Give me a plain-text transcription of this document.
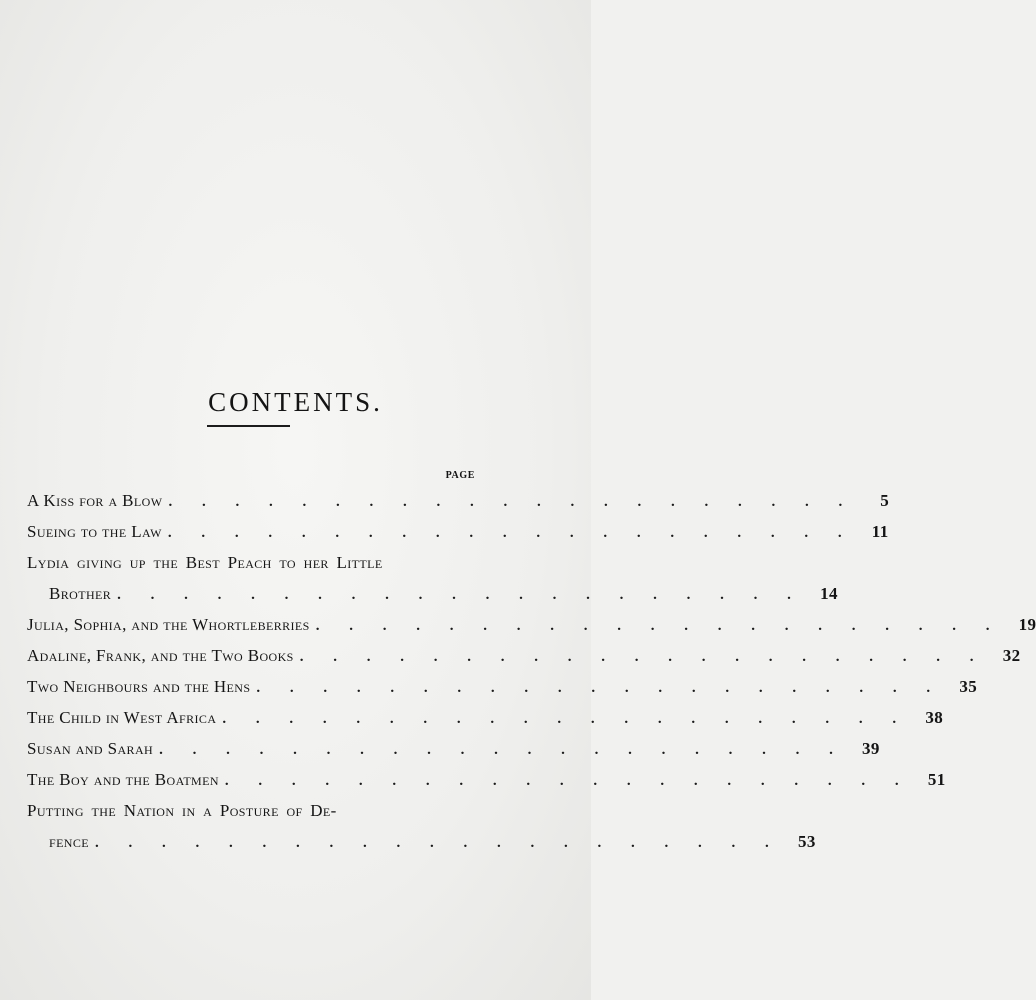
CONTENTS.
PAGE
A Kiss for a Blow . . . . . . . . . . . . . . . . . . . . .	5
Sueing to the Law . . . . . . . . . . . . . . . . . . . . .	11
Lydia giving up the Best Peach to her Little
Brother . . . . . . . . . . . . . . . . . . . . . 14
Julia, Sophia, and the Whortleberries . . . . . . . . . . . . . . . . . . . . . 19
Adaline, Frank, and the Two Books . . . . . . . . . . . . . . . . . . . . . 32
Two Neighbours and the Hens . . . . . . . . . . . . . . . . . . . . . 35
The Child in West Africa . . . . . . . . . . . . . . . . . . . . . 38
Susan and Sarah . . . . . . . . . . . . . . . . . . . . . 39
The Boy and the Boatmen . . . . . . . . . . . . . . . . . . . . . 51
Putting the Nation in a Posture of De-
fence . . . . . . . . . . . . . . . . . . . . . 53
